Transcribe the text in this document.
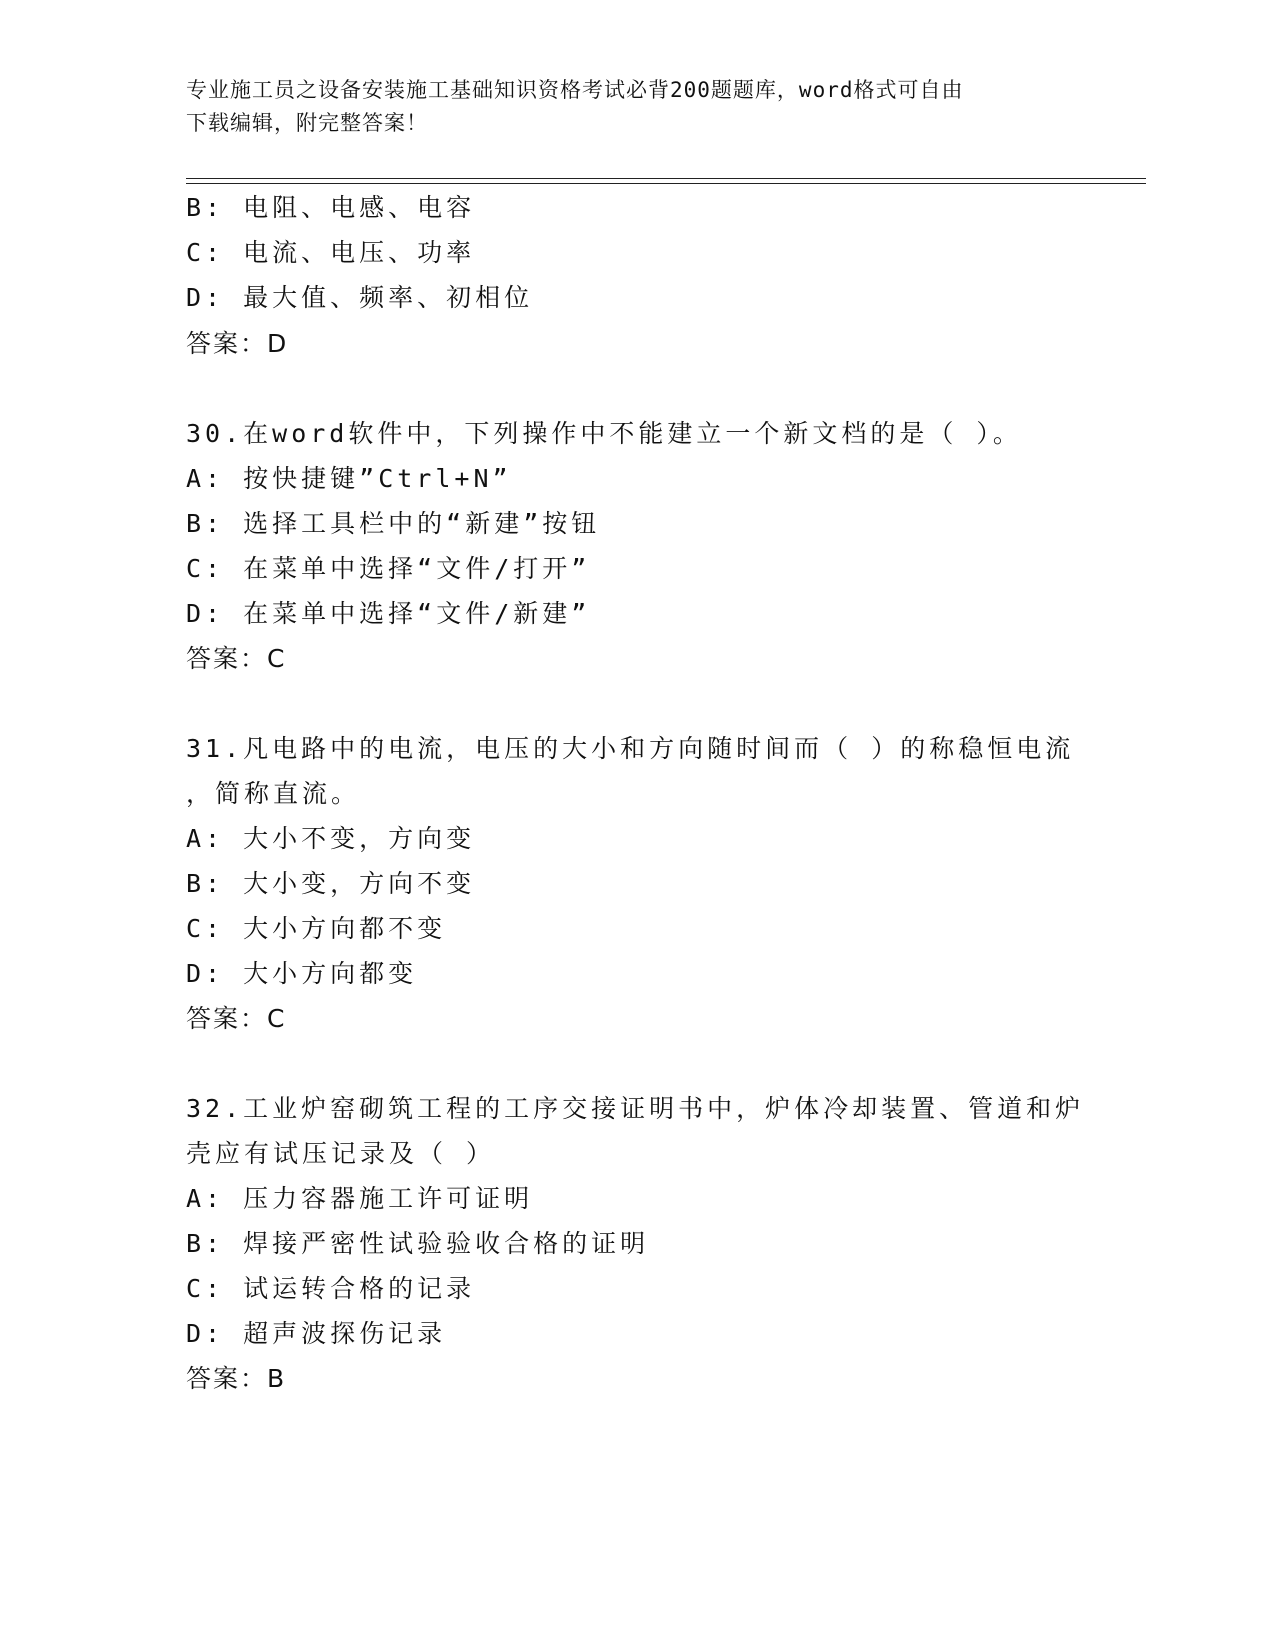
专业施工员之设备安装施工基础知识资格考试必背200题题库，word格式可自由
下载编辑，附完整答案！
B: 电阻、电感、电容
C: 电流、电压、功率
D: 最大值、频率、初相位
答案：D
30.在word软件中，下列操作中不能建立一个新文档的是（ ）。
A: 按快捷键”Ctrl+N”
B: 选择工具栏中的“新建”按钮
C: 在菜单中选择“文件/打开”
D: 在菜单中选择“文件/新建”
答案：C
31.凡电路中的电流，电压的大小和方向随时间而（ ）的称稳恒电流
，简称直流。
A: 大小不变，方向变
B: 大小变，方向不变
C: 大小方向都不变
D: 大小方向都变
答案：C
32.工业炉窑砌筑工程的工序交接证明书中，炉体冷却装置、管道和炉
壳应有试压记录及（ ）
A: 压力容器施工许可证明
B: 焊接严密性试验验收合格的证明
C: 试运转合格的记录
D: 超声波探伤记录
答案：B
